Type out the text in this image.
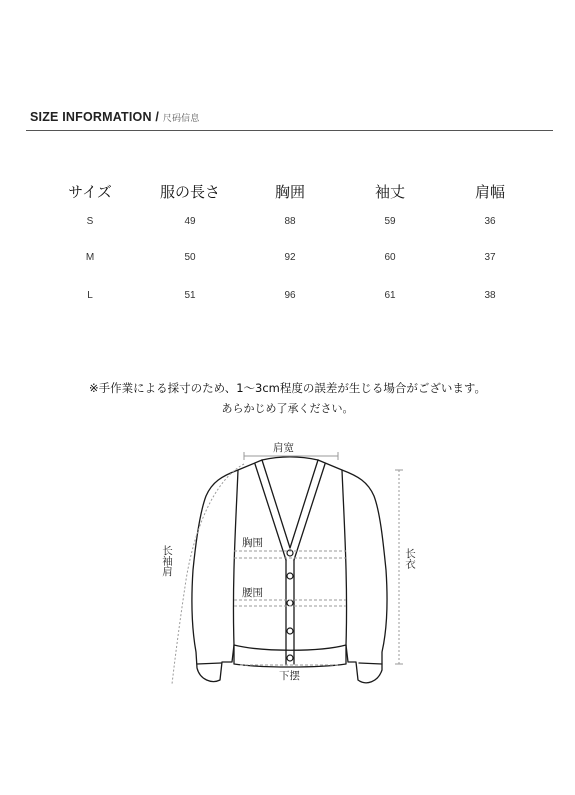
SIZE INFORMATION / 尺码信息
サイズ	服の長さ	胸囲	袖丈	肩幅
S	49	88	59	36
M	50	92	60	37
L	51	96	61	38
※手作業による採寸のため、1〜3cm程度の誤差が生じる場合がございます。
あらかじめ了承ください。
肩宽
长袖肩	长衣
胸围
腰围
下摆
